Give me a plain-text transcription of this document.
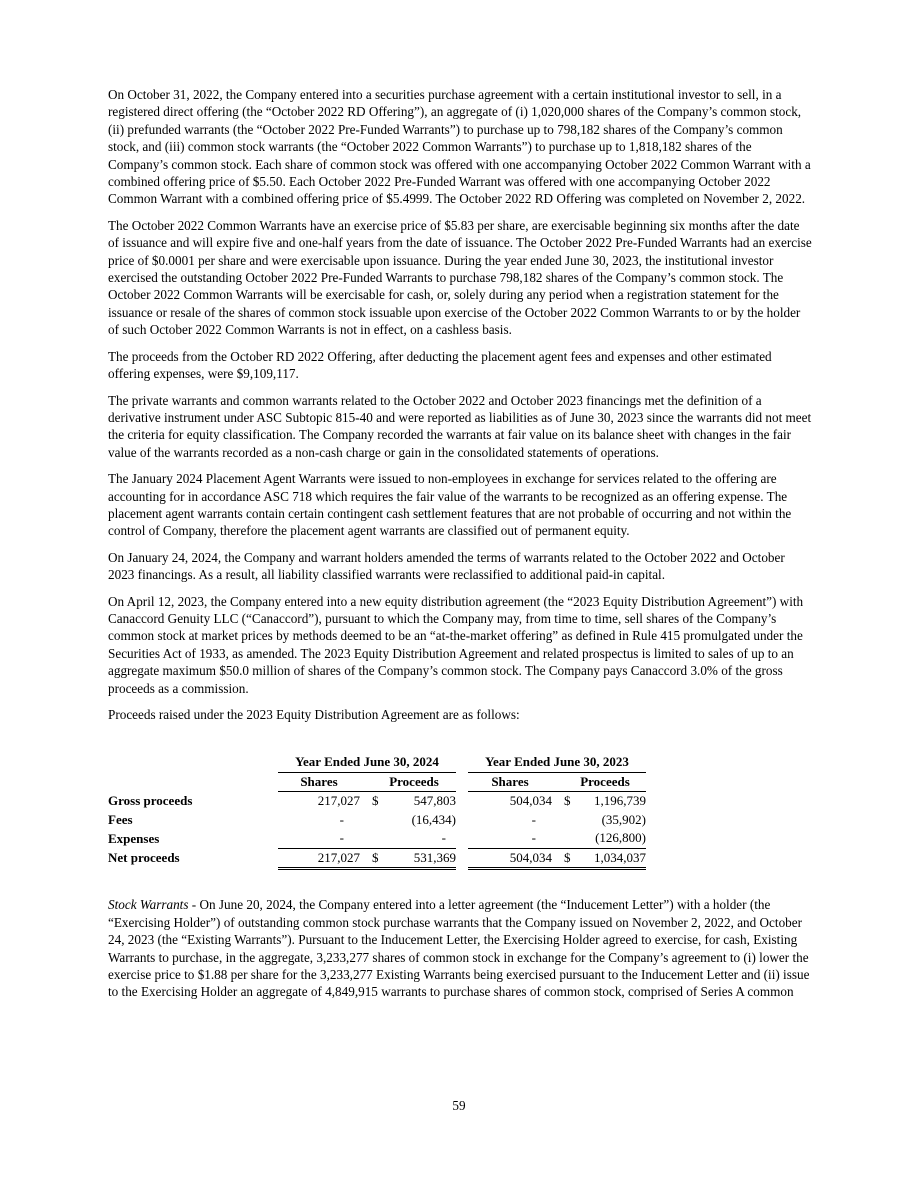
On October 31, 2022, the Company entered into a securities purchase agreement with a certain institutional investor to sell, in a registered direct offering (the “October 2022 RD Offering”), an aggregate of (i) 1,020,000 shares of the Company’s common stock, (ii) prefunded warrants (the “October 2022 Pre-Funded Warrants”) to purchase up to 798,182 shares of the Company’s common stock, and (iii) common stock warrants (the “October 2022 Common Warrants”) to purchase up to 1,818,182 shares of the Company’s common stock. Each share of common stock was offered with one accompanying October 2022 Common Warrant with a combined offering price of $5.50. Each October 2022 Pre-Funded Warrant was offered with one accompanying October 2022 Common Warrant with a combined offering price of $5.4999. The October 2022 RD Offering was completed on November 2, 2022.

The October 2022 Common Warrants have an exercise price of $5.83 per share, are exercisable beginning six months after the date of issuance and will expire five and one-half years from the date of issuance. The October 2022 Pre-Funded Warrants had an exercise price of $0.0001 per share and were exercisable upon issuance. During the year ended June 30, 2023, the institutional investor exercised the outstanding October 2022 Pre-Funded Warrants to purchase 798,182 shares of the Company’s common stock. The October 2022 Common Warrants will be exercisable for cash, or, solely during any period when a registration statement for the issuance or resale of the shares of common stock issuable upon exercise of the October 2022 Common Warrants to or by the holder of such October 2022 Common Warrants is not in effect, on a cashless basis.

The proceeds from the October RD 2022 Offering, after deducting the placement agent fees and expenses and other estimated offering expenses, were $9,109,117.

The private warrants and common warrants related to the October 2022 and October 2023 financings met the definition of a derivative instrument under ASC Subtopic 815-40 and were reported as liabilities as of June 30, 2023 since the warrants did not meet the criteria for equity classification. The Company recorded the warrants at fair value on its balance sheet with changes in the fair value of the warrants recorded as a non-cash charge or gain in the consolidated statements of operations.

The January 2024 Placement Agent Warrants were issued to non-employees in exchange for services related to the offering are accounting for in accordance ASC 718 which requires the fair value of the warrants to be recognized as an offering expense. The placement agent warrants contain certain contingent cash settlement features that are not probable of occurring and not within the control of Company, therefore the placement agent warrants are classified out of permanent equity.

On January 24, 2024, the Company and warrant holders amended the terms of warrants related to the October 2022 and October 2023 financings. As a result, all liability classified warrants were reclassified to additional paid-in capital.

On April 12, 2023, the Company entered into a new equity distribution agreement (the “2023 Equity Distribution Agreement”) with Canaccord Genuity LLC (“Canaccord”), pursuant to which the Company may, from time to time, sell shares of the Company’s common stock at market prices by methods deemed to be an “at-the-market offering” as defined in Rule 415 promulgated under the Securities Act of 1933, as amended. The 2023 Equity Distribution Agreement and related prospectus is limited to sales of up to an aggregate maximum $50.0 million of shares of the Company’s common stock. The Company pays Canaccord 3.0% of the gross proceeds as a commission.

Proceeds raised under the 2023 Equity Distribution Agreement are as follows:

	Year Ended June 30, 2024				Year Ended June 30, 2023		
	Shares		Proceeds		Shares		Proceeds
Gross proceeds	217,027		$ 547,803		504,034		$ 1,196,739
Fees	-		(16,434)		-		(35,902)
Expenses	-		-		-		(126,800)
Net proceeds	217,027		$ 531,369		504,034		$ 1,034,037

Stock Warrants - On June 20, 2024, the Company entered into a letter agreement (the “Inducement Letter”) with a holder (the “Exercising Holder”) of outstanding common stock purchase warrants that the Company issued on November 2, 2022, and October 24, 2023 (the “Existing Warrants”). Pursuant to the Inducement Letter, the Exercising Holder agreed to exercise, for cash, Existing Warrants to purchase, in the aggregate, 3,233,277 shares of common stock in exchange for the Company’s agreement to (i) lower the exercise price to $1.88 per share for the 3,233,277 Existing Warrants being exercised pursuant to the Inducement Letter and (ii) issue to the Exercising Holder an aggregate of 4,849,915 warrants to purchase shares of common stock, comprised of Series A common

59
